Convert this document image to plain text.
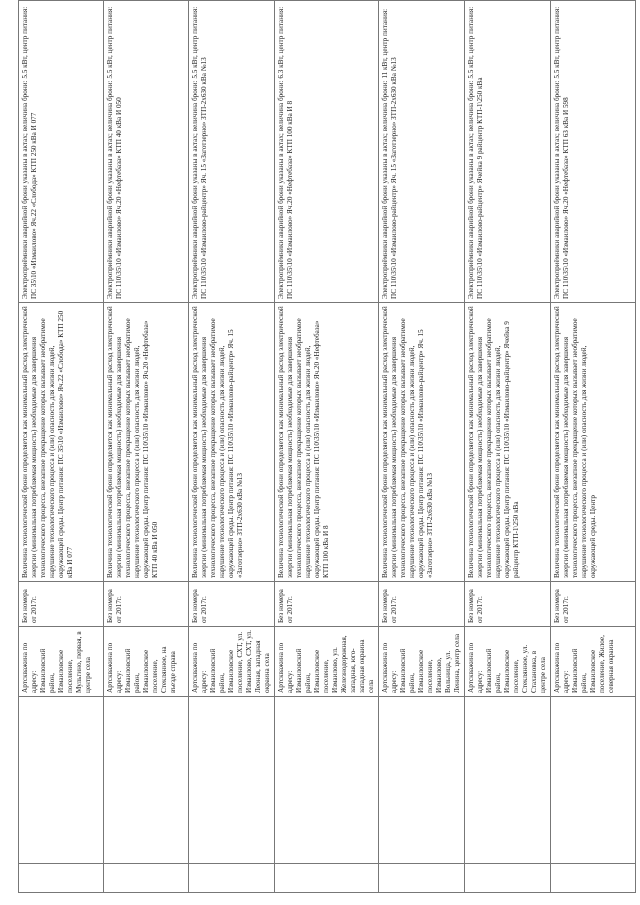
		Артскважина по адресу: Измаиловский район, Измаиловское поселение, Мульгино, первая, в центре села	Без номера от 2017г.	Величина технологической брони определяется как минимальный расход электрической энергии (минимальная потребляемая мощность) необходимые для завершения технологического процесса, внезапное прекращение которых вызывает необратимое нарушение технологического процесса и (или) опасность для жизни людей, окружающей среды. Центр питания: ПС 35\10 «Измаилово» Яч.22 «Слобода» КТП 250 кВа И 077	Электроприёмники аварийной брони указаны в актах; величина брони: 5.5 кВт, центр питания: ПС 35\10 «Измаилово» Яч.22 «Слобода» КТП 250 кВа И 077
		Артскважина по адресу: Измаиловский район, Измаиловское поселение, Стеклянное, на въезде справа	Без номера от 2017г.	Величина технологической брони определяется как минимальный расход электрической энергии (минимальная потребляемая мощность) необходимые для завершения технологического процесса, внезапное прекращение которых вызывает необратимое нарушение технологического процесса и (или) опасность для жизни людей, окружающей среды. Центр питания: ПС 110\35\10 «Измаилово» Яч.20 «Нефтебаза» КТП 40 кВа И 050	Электроприёмники аварийной брони указаны в актах; величина брони: 5.5 кВт, центр питания: ПС 110\35\10 «Измаилово» Яч.20 «Нефтебаза» КТП 40 кВа И 050
		Артскважина по адресу: Измаиловский район, Измаиловское поселение, СХТ, ул. Измаилово, СХТ, ул. Леоная, западная окраина села	Без номера от 2017г.	Величина технологической брони определяется как минимальный расход электрической энергии (минимальная потребляемая мощность) необходимые для завершения технологического процесса, внезапное прекращение которых вызывает необратимое нарушение технологического процесса и (или) опасность для жизни людей, окружающей среды. Центр питания: ПС 110\35\10 «Измаилово-райцентр» Яч. 15 «Заготзерно» ЗТП-2х630 кВа №13	Электроприёмники аварийной брони указаны в актах; величина брони: 5.5 кВт, центр питания: ПС 110\35\10 «Измаилово-райцентр» Яч. 15 «Заготзерно» ЗТП-2х630 кВа №13
		Артскважина по адресу: Измаиловский район, Измаиловское поселение, Измаилово, ул. Железнодорожная, западная, юго-западная окраина села	Без номера от 2017г.	Величина технологической брони определяется как минимальный расход электрической энергии (минимальная потребляемая мощность) необходимые для завершения технологического процесса, внезапное прекращение которых вызывает необратимое нарушение технологического процесса и (или) опасность для жизни людей, окружающей среды. Центр питания: ПС 110\35\10 «Измаилово» Яч.20 «Нефтебаза» КТП 100 кВа И 8	Электроприёмники аварийной брони указаны в актах; величина брони: 6.3 кВт, центр питания: ПС 110\35\10 «Измаилово» Яч.20 «Нефтебаза» КТП 100 кВа И 8
		Артскважина по адресу: Измаиловский район, Измаиловское поселение, Измаилово, Вольница, ул. Ленина, центр села	Без номера от 2017г.	Величина технологической брони определяется как минимальный расход электрической энергии (минимальная потребляемая мощность) необходимые для завершения технологического процесса, внезапное прекращение которых вызывает необратимое нарушение технологического процесса и (или) опасность для жизни людей, окружающей среды. Центр питания: ПС 110\35\10 «Измаилово-райцентр» Яч. 15 «Заготзерно» ЗТП-2х630 кВа №13	Электроприёмники аварийной брони указаны в актах; величина брони: 11 кВт, центр питания: ПС 110\35\10 «Измаилово-райцентр» Яч. 15 «Заготзерно» ЗТП-2х630 кВа №13
		Артскважина по адресу: Измаиловский район, Измаиловское поселение, Стеклянное, ул. Стахановка, в центре села	Без номера от 2017г.	Величина технологической брони определяется как минимальный расход электрической энергии (минимальная потребляемая мощность) необходимые для завершения технологического процесса, внезапное прекращение которых вызывает необратимое нарушение технологического процесса и (или) опасность для жизни людей, окружающей среды. Центр питания: ПС 110\35\10 «Измаилово-райцентр» Ячейка 9 райцентр КТП-1\250 кВа	Электроприёмники аварийной брони указаны в актах; величина брони: 5.5 кВт, центр питания: ПС 110\35\10 «Измаилово-райцентр» Ячейка 9 райцентр КТП-1\250 кВа
		Артскважина по адресу: Измаиловский район, Измаиловское поселение, Жилое, северная окраина	Без номера от 2017г.	Величина технологической брони определяется как минимальный расход электрической энергии (минимальная потребляемая мощность) необходимые для завершения технологического процесса, внезапное прекращение которых вызывает необратимое нарушение технологического процесса и (или) опасность для жизни людей, окружающей среды. Центр	Электроприёмники аварийной брони указаны в актах; величина брони: 5.5 кВт, центр питания: ПС 110\35\10 «Измаилово» Яч.20 «Нефтебаза» КТП 63 кВа И 598
